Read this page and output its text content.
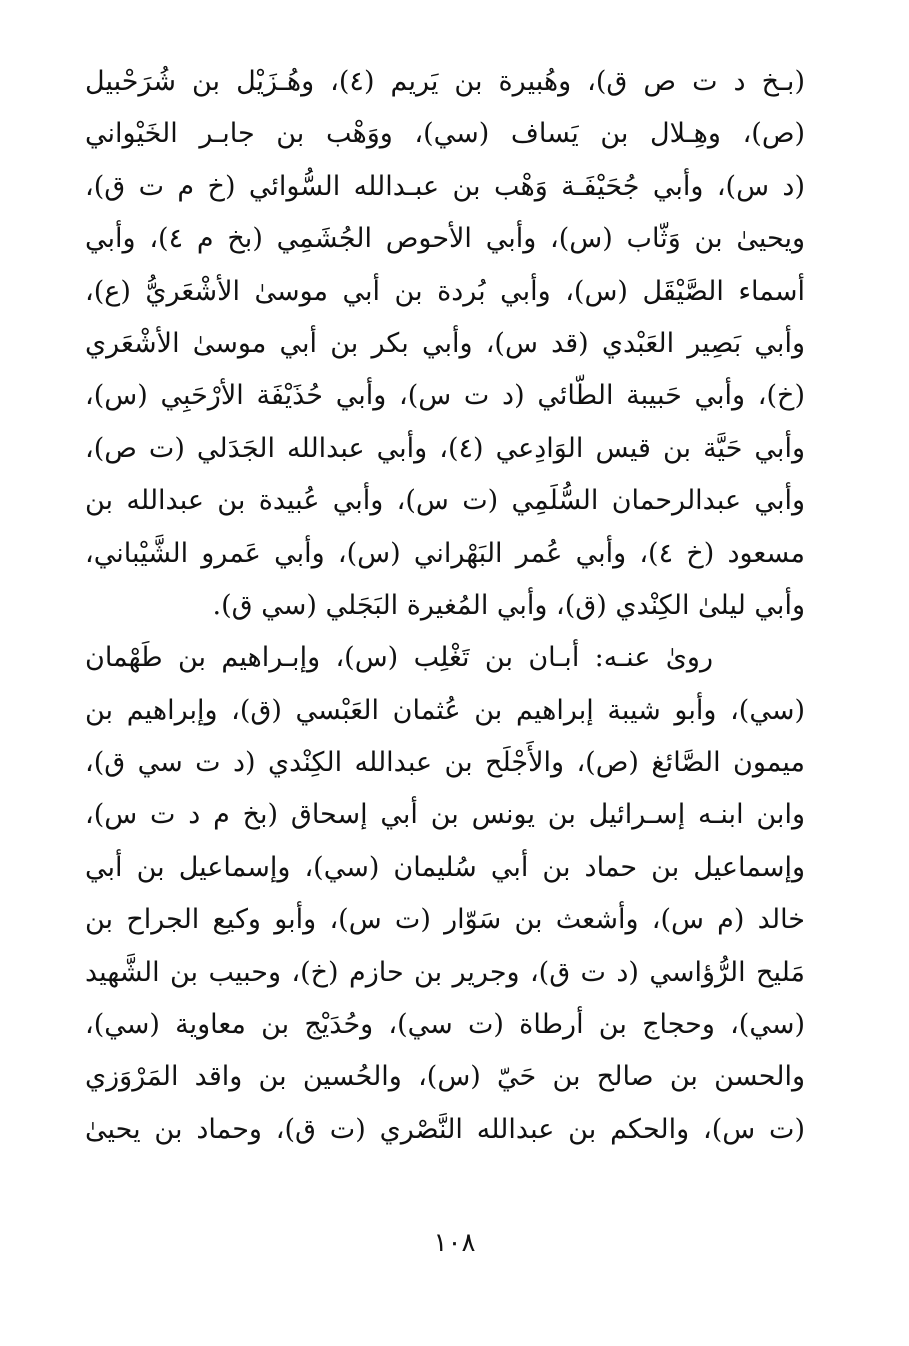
(بـخ د ت ص ق)، وهُبيرة بن يَريم (٤)، وهُـزَيْل بن شُرَحْبيل
(ص)، وهِـلال بن يَساف (سي)، ووَهْب بن جابـر الخَيْواني
(د س)، وأبي جُحَيْفَـة وَهْب بن عبـدالله السُّوائي (خ م ت ق)،
ويحيىٰ بن وَثّاب (س)، وأبي الأحوص الجُشَمِي (بخ م ٤)، وأبي
أسماء الصَّيْقَل (س)، وأبي بُردة بن أبي موسىٰ الأشْعَريُّ (ع)،
وأبي بَصِير العَبْدي (قد س)، وأبي بكر بن أبي موسىٰ الأشْعَري
(خ)، وأبي حَبيبة الطّائي (د ت س)، وأبي حُذَيْفَة الأرْحَبِي (س)،
وأبي حَيَّة بن قيس الوَادِعي (٤)، وأبي عبدالله الجَدَلي (ت ص)،
وأبي عبدالرحمان السُّلَمِي (ت س)، وأبي عُبيدة بن عبدالله بن
مسعود (خ ٤)، وأبي عُمر البَهْراني (س)، وأبي عَمرو الشَّيْباني،
وأبي ليلىٰ الكِنْدي (ق)، وأبي المُغيرة البَجَلي (سي ق).
روىٰ عنـه: أبـان بن تَغْلِب (س)، وإبـراهيم بن طَهْمان
(سي)، وأبو شيبة إبراهيم بن عُثمان العَبْسي (ق)، وإبراهيم بن
ميمون الصَّائغ (ص)، والأَجْلَح بن عبدالله الكِنْدي (د ت سي ق)،
وابن ابنـه إسـرائيل بن يونس بن أبي إسحاق (بخ م د ت س)،
وإسماعيل بن حماد بن أبي سُليمان (سي)، وإسماعيل بن أبي
خالد (م س)، وأشعث بن سَوّار (ت س)، وأبو وكيع الجراح بن
مَليح الرُّؤاسي (د ت ق)، وجرير بن حازم (خ)، وحبيب بن الشَّهيد
(سي)، وحجاج بن أرطاة (ت سي)، وحُدَيْج بن معاوية (سي)،
والحسن بن صالح بن حَيّ (س)، والحُسين بن واقد المَرْوَزي
(ت س)، والحكم بن عبدالله النَّصْري (ت ق)، وحماد بن يحيىٰ
١٠٨
